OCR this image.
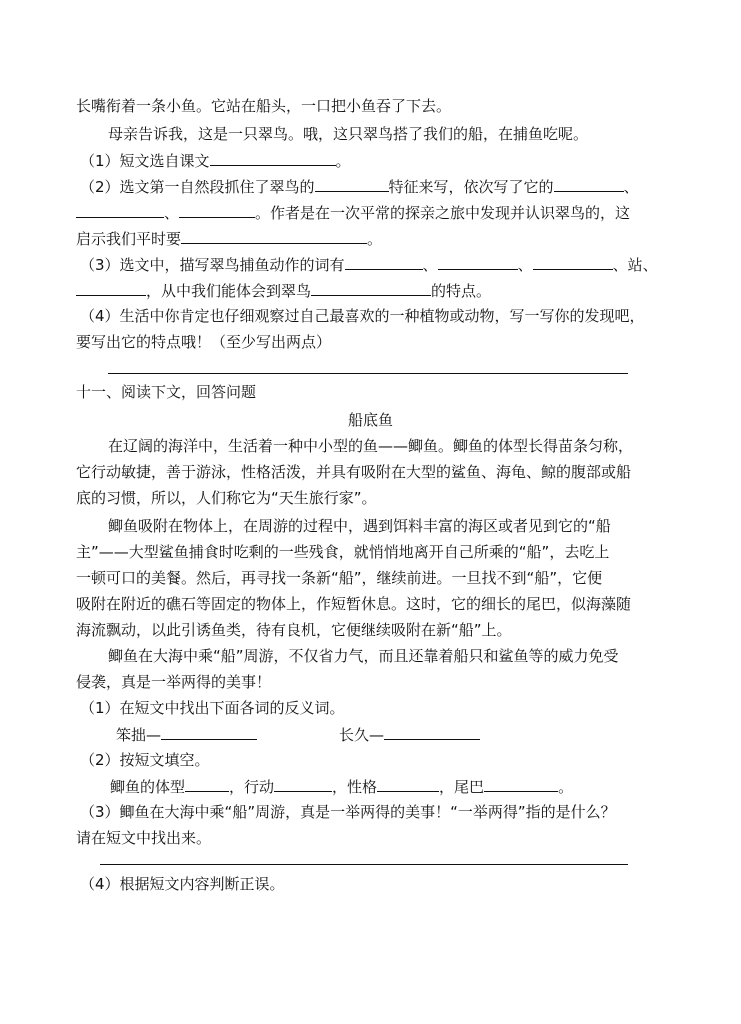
长嘴衔着一条小鱼。它站在船头，一口把小鱼吞了下去。
母亲告诉我，这是一只翠鸟。哦，这只翠鸟搭了我们的船，在捕鱼吃呢。
（1）短文选自课文	。
（2）选文第一自然段抓住了翠鸟的	特征来写，依次写了它的	、
、	。作者是在一次平常的探亲之旅中发现并认识翠鸟的，这
启示我们平时要	。
（3）选文中，描写翠鸟捕鱼动作的词有	、	、	、站、
，从中我们能体会到翠鸟	的特点。
（4）生活中你肯定也仔细观察过自己最喜欢的一种植物或动物，写一写你的发现吧，
要写出它的特点哦！（至少写出两点）
十一、阅读下文，回答问题
船底鱼
在辽阔的海洋中，生活着一种中小型的鱼——鲫鱼。鲫鱼的体型长得苗条匀称，
它行动敏捷，善于游泳，性格活泼，并具有吸附在大型的鲨鱼、海龟、鲸的腹部或船
底的习惯，所以，人们称它为“天生旅行家”。
鲫鱼吸附在物体上，在周游的过程中，遇到饵料丰富的海区或者见到它的“船
主”——大型鲨鱼捕食时吃剩的一些残食，就悄悄地离开自己所乘的“船”，去吃上
一顿可口的美餐。然后，再寻找一条新“船”，继续前进。一旦找不到“船”，它便
吸附在附近的礁石等固定的物体上，作短暂休息。这时，它的细长的尾巴，似海藻随
海流飘动，以此引诱鱼类，待有良机，它便继续吸附在新“船”上。
鲫鱼在大海中乘“船”周游，不仅省力气，而且还靠着船只和鲨鱼等的威力免受
侵袭，真是一举两得的美事！
（1）在短文中找出下面各词的反义词。
笨拙—	长久—
（2）按短文填空。
鲫鱼的体型	，行动	，性格	，尾巴	。
（3）鲫鱼在大海中乘“船”周游，真是一举两得的美事！“一举两得”指的是什么？
请在短文中找出来。
（4）根据短文内容判断正误。
